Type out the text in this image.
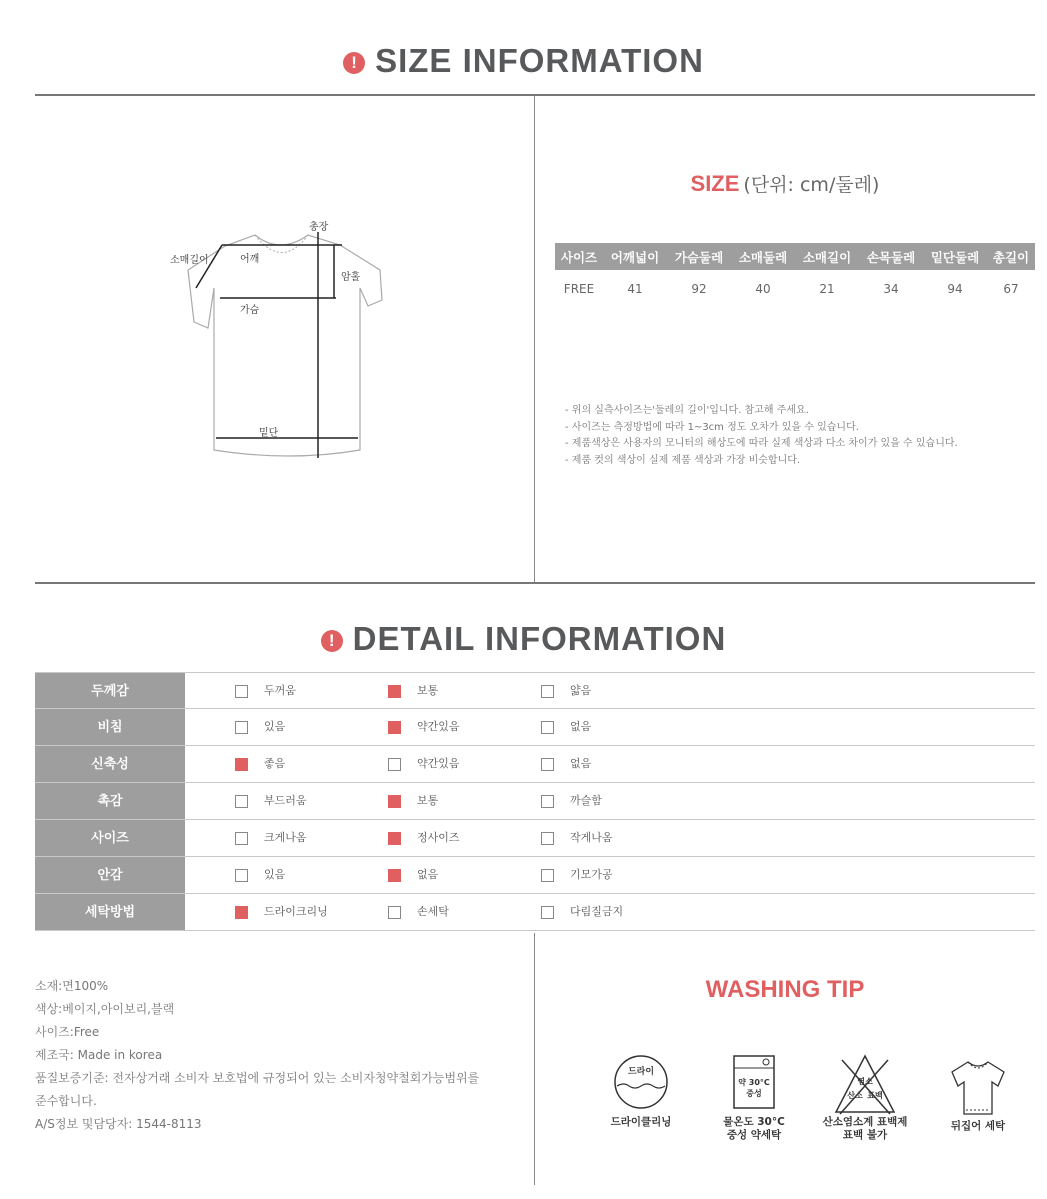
! SIZE INFORMATION
총장
소매길이	어깨
암홀
가슴
밑단
SIZE (단위: cm/둘레)
사이즈	어깨넓이	가슴둘레	소매둘레	소매길이	손목둘레	밑단둘레	총길이
FREE	41	92	40	21	34	94	67
- 위의 실측사이즈는'둘레의 길이'입니다. 참고해 주세요.
- 사이즈는 측정방법에 따라 1~3cm 정도 오차가 있을 수 있습니다.
- 제품색상은 사용자의 모니터의 해상도에 따라 실제 색상과 다소 차이가 있을 수 있습니다.
- 제품 컷의 색상이 실제 제품 색상과 가장 비슷합니다.
! DETAIL INFORMATION
두께감	두꺼움	보통	얇음
비침	있음	약간있음	없음
신축성	좋음	약간있음	없음
촉감	부드러움	보통	까슬함
사이즈	크게나옴	정사이즈	작게나옴
안감	있음	없음	기모가공
세탁방법	드라이크리닝	손세탁	다림질금지
소재:면100%
색상:베이지,아이보리,블랙
사이즈:Free
제조국: Made in korea
품질보증기준: 전자상거래 소비자 보호법에 규정되어 있는 소비자청약철회가능범위를
준수합니다.
A/S정보 및담당자: 1544-8113
WASHING TIP
드라이
드라이클리닝
약 30°C
중성
물온도 30°C
중성 약세탁
염소
산소 표백
산소염소계 표백제
표백 불가
뒤집어 세탁
